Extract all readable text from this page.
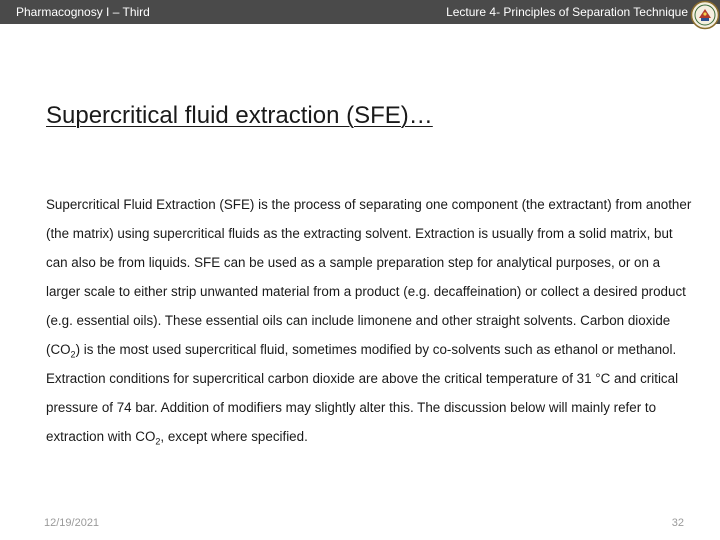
Pharmacognosy I – Third	Lecture 4- Principles of Separation Technique
Supercritical fluid extraction (SFE)…

Supercritical Fluid Extraction (SFE) is the process of separating one component (the extractant) from another (the matrix) using supercritical fluids as the extracting solvent. Extraction is usually from a solid matrix, but can also be from liquids. SFE can be used as a sample preparation step for analytical purposes, or on a larger scale to either strip unwanted material from a product (e.g. decaffeination) or collect a desired product (e.g. essential oils). These essential oils can include limonene and other straight solvents. Carbon dioxide $(CO_2)$ is the most used supercritical fluid, sometimes modified by co-solvents such as ethanol or methanol. Extraction conditions for supercritical carbon dioxide are above the critical temperature of 31 °C and critical pressure of 74 bar. Addition of modifiers may slightly alter this. The discussion below will mainly refer to extraction with $CO_2$, except where specified.

12/19/2021	32
